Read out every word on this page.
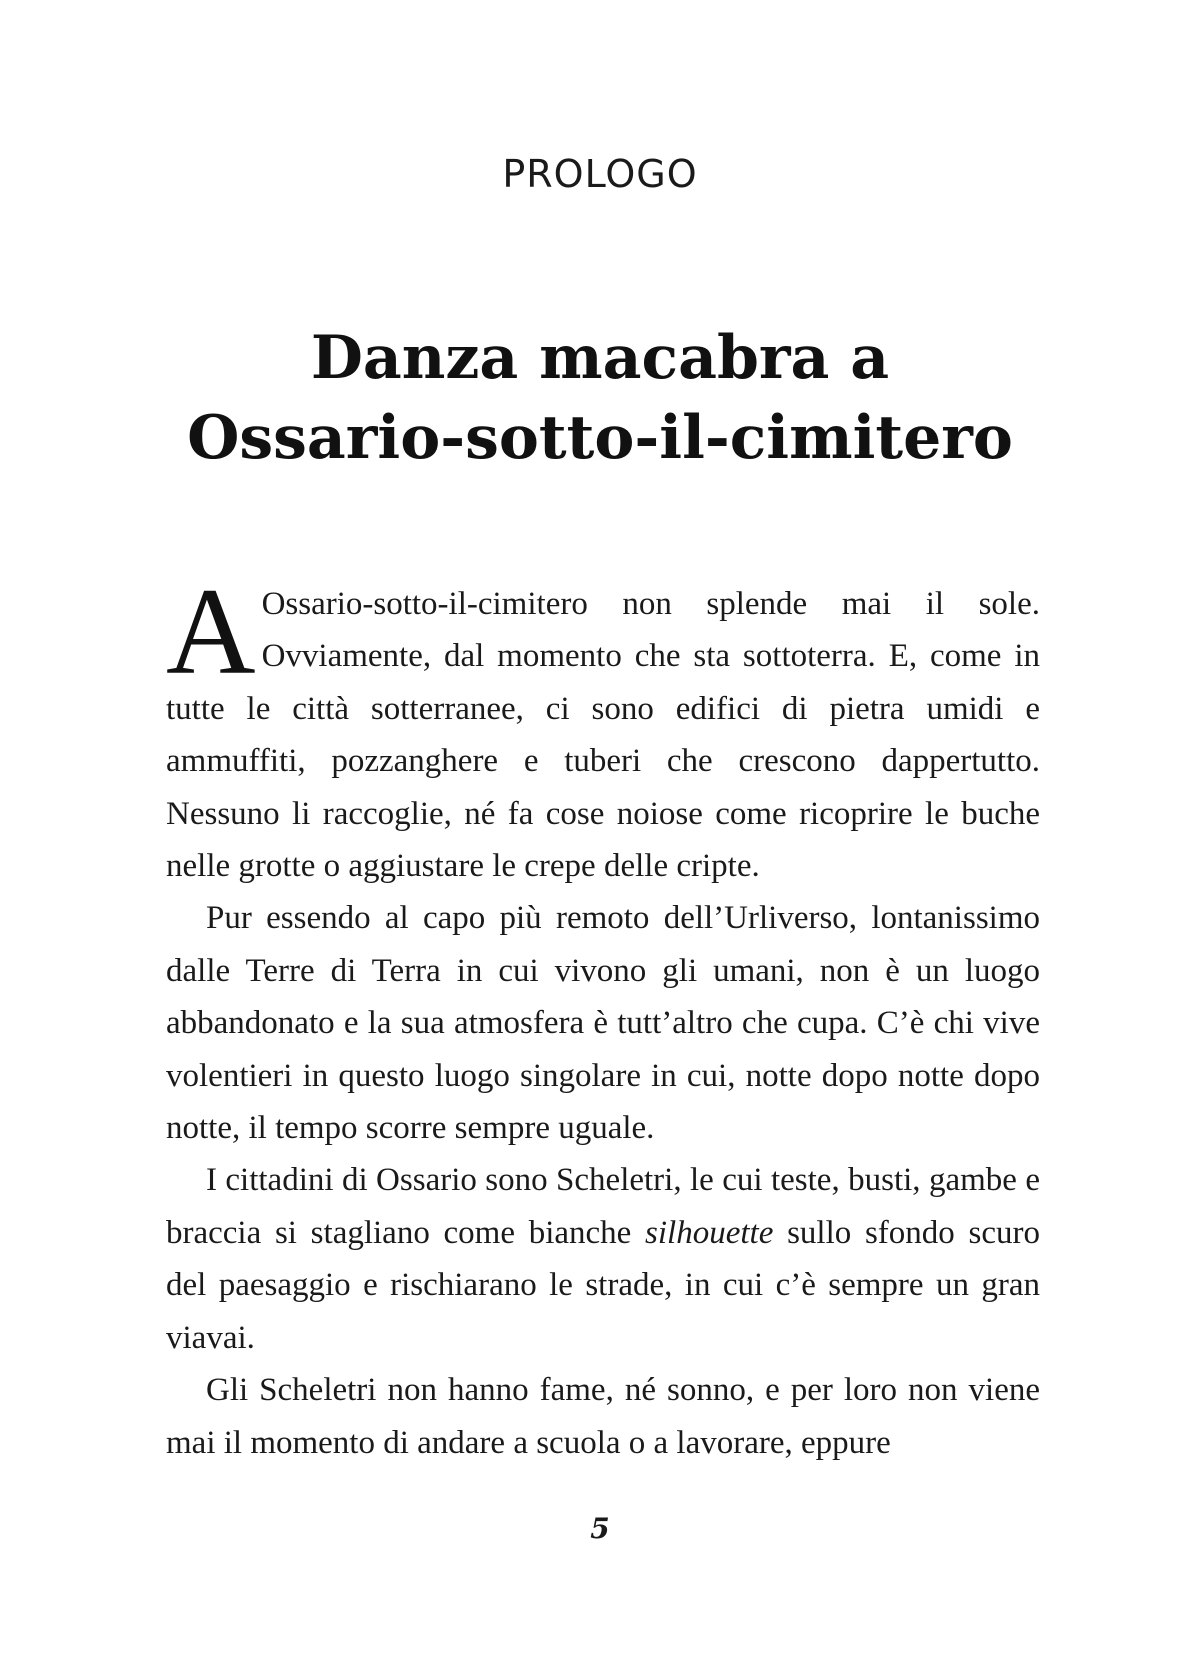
PROLOGO
Danza macabra a
Ossario-sotto-il-cimitero

A Ossario-sotto-il-cimitero non splende mai il sole. Ovviamente, dal momento che sta sottoterra. E, come in tutte le città sotterranee, ci sono edifici di pietra umidi e ammuffiti, pozzanghere e tuberi che crescono dappertutto. Nessuno li raccoglie, né fa cose noiose come ricoprire le buche nelle grotte o aggiustare le crepe delle cripte.

Pur essendo al capo più remoto dell’Urliverso, lontanissimo dalle Terre di Terra in cui vivono gli umani, non è un luogo abbandonato e la sua atmosfera è tutt’altro che cupa. C’è chi vive volentieri in questo luogo singolare in cui, notte dopo notte dopo notte, il tempo scorre sempre uguale.

I cittadini di Ossario sono Scheletri, le cui teste, busti, gambe e braccia si stagliano come bianche silhouette sullo sfondo scuro del paesaggio e rischiarano le strade, in cui c’è sempre un gran viavai.

Gli Scheletri non hanno fame, né sonno, e per loro non viene mai il momento di andare a scuola o a lavorare, eppure

5
